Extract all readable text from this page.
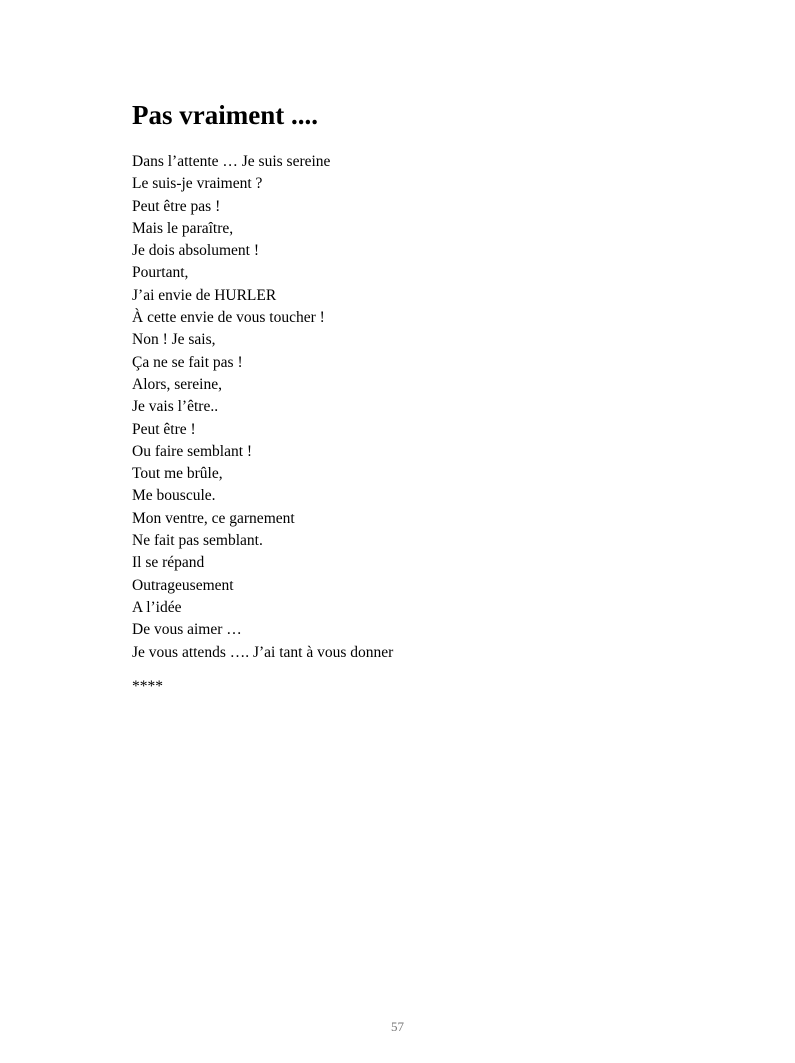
Pas vraiment ....
Dans l’attente … Je suis sereine
Le suis-je vraiment ?
Peut être pas !
Mais le paraître,
Je dois absolument !
Pourtant,
J’ai envie de HURLER
À cette envie de vous toucher !
Non ! Je sais,
Ça ne se fait pas !
Alors, sereine,
Je vais l’être..
Peut être !
Ou faire semblant !
Tout me brûle,
Me bouscule.
Mon ventre, ce garnement
Ne fait pas semblant.
Il se répand
Outrageusement
A l’idée
De vous aimer …
Je vous attends …. J’ai tant à vous donner

****

57
